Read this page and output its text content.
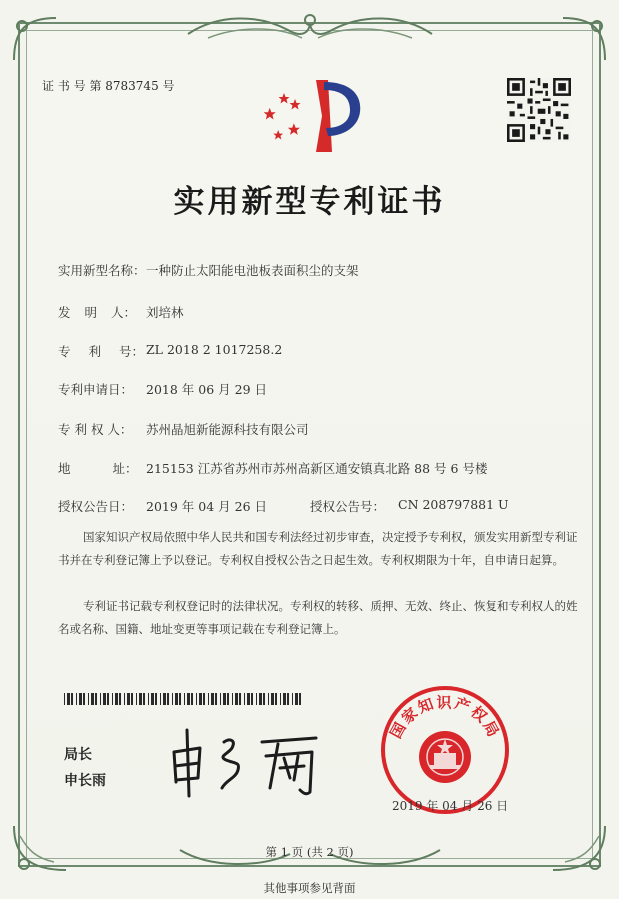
证 书 号 第 8783745 号
实用新型专利证书
实用新型名称： 一种防止太阳能电池板表面积尘的支架
发 明 人： 刘培林
专 利 号： ZL 2018 2 1017258.2
专利申请日： 2018 年 06 月 29 日
专 利 权 人： 苏州晶旭新能源科技有限公司
地 址： 215153 江苏省苏州市苏州高新区通安镇真北路 88 号 6 号楼
授权公告日： 2019 年 04 月 26 日	授权公告号： CN 208797881 U
国家知识产权局依照中华人民共和国专利法经过初步审查，决定授予专利权，颁发实用新型专利证书并在专利登记簿上予以登记。专利权自授权公告之日起生效。专利权期限为十年，自申请日起算。
专利证书记载专利权登记时的法律状况。专利权的转移、质押、无效、终止、恢复和专利权人的姓名或名称、国籍、地址变更等事项记载在专利登记簿上。
局长
申长雨
国家知识产权局
2019 年 04 月 26 日
第 1 页 (共 2 页)
其他事项参见背面
